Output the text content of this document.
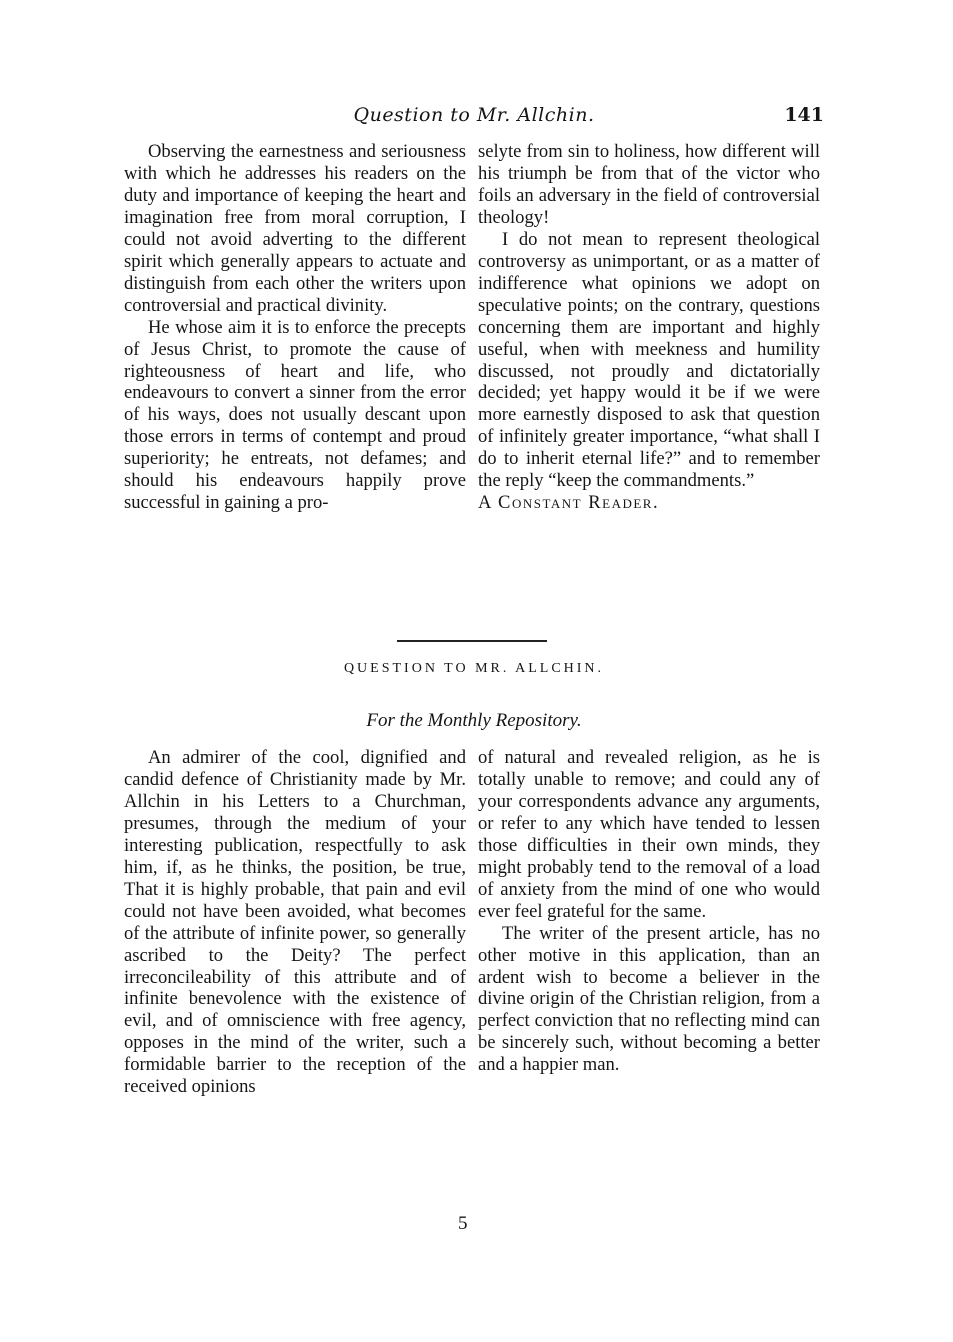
Question to Mr. Allchin.	141

Observing the earnestness and seriousness with which he addresses his readers on the duty and importance of keeping the heart and imagination free from moral corruption, I could not avoid adverting to the different spirit which generally appears to actuate and distinguish from each other the writers upon controversial and practical divinity.

He whose aim it is to enforce the precepts of Jesus Christ, to promote the cause of righteousness of heart and life, who endeavours to convert a sinner from the error of his ways, does not usually descant upon those errors in terms of contempt and proud superiority; he entreats, not defames; and should his endeavours happily prove successful in gaining a pro-

selyte from sin to holiness, how different will his triumph be from that of the victor who foils an adversary in the field of controversial theology!

I do not mean to represent theological controversy as unimportant, or as a matter of indifference what opinions we adopt on speculative points; on the contrary, questions concerning them are important and highly useful, when with meekness and humility discussed, not proudly and dictatorially decided; yet happy would it be if we were more earnestly disposed to ask that question of infinitely greater importance, “what shall I do to inherit eternal life?” and to remember the reply “keep the commandments.”

A Constant Reader.

QUESTION TO MR. ALLCHIN.
For the Monthly Repository.

An admirer of the cool, dignified and candid defence of Christianity made by Mr. Allchin in his Letters to a Churchman, presumes, through the medium of your interesting publication, respectfully to ask him, if, as he thinks, the position, be true, That it is highly probable, that pain and evil could not have been avoided, what becomes of the attribute of infinite power, so generally ascribed to the Deity? The perfect irreconcileability of this attribute and of infinite benevolence with the existence of evil, and of omniscience with free agency, opposes in the mind of the writer, such a formidable barrier to the reception of the received opinions

of natural and revealed religion, as he is totally unable to remove; and could any of your correspondents advance any arguments, or refer to any which have tended to lessen those difficulties in their own minds, they might probably tend to the removal of a load of anxiety from the mind of one who would ever feel grateful for the same.

The writer of the present article, has no other motive in this application, than an ardent wish to become a believer in the divine origin of the Christian religion, from a perfect conviction that no reflecting mind can be sincerely such, without becoming a better and a happier man.

5
